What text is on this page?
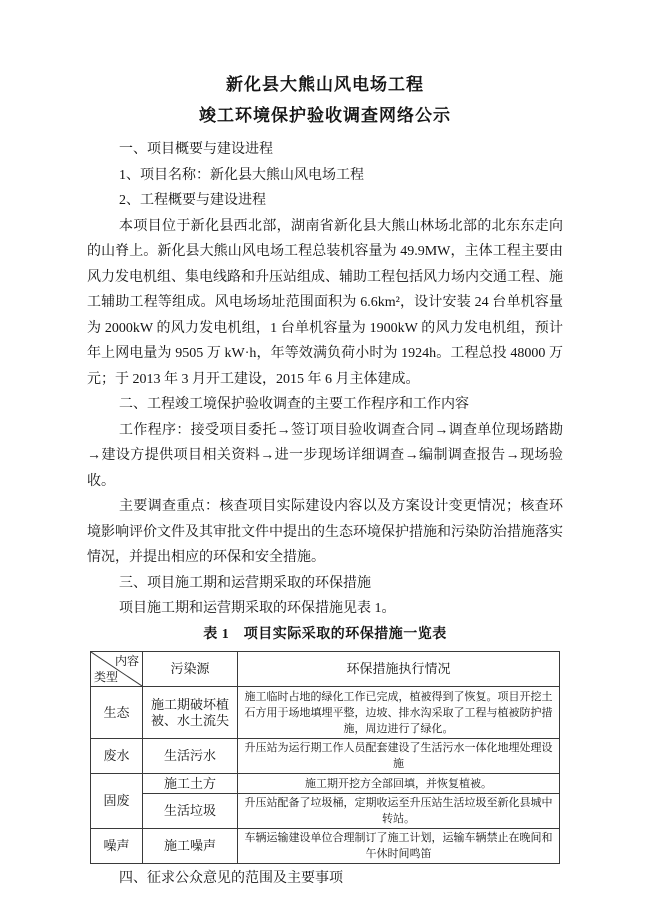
新化县大熊山风电场工程
竣工环境保护验收调查网络公示

一、项目概要与建设进程

1、项目名称：新化县大熊山风电场工程

2、工程概要与建设进程

本项目位于新化县西北部，湖南省新化县大熊山林场北部的北东东走向的山脊上。新化县大熊山风电场工程总装机容量为 49.9MW，主体工程主要由风力发电机组、集电线路和升压站组成、辅助工程包括风力场内交通工程、施工辅助工程等组成。风电场场址范围面积为 6.6km²，设计安装 24 台单机容量为 2000kW 的风力发电机组，1 台单机容量为 1900kW 的风力发电机组，预计年上网电量为 9505 万 kW·h，年等效满负荷小时为 1924h。工程总投 48000 万元；于 2013 年 3 月开工建设，2015 年 6 月主体建成。

二、工程竣工境保护验收调查的主要工作程序和工作内容

工作程序：接受项目委托→签订项目验收调查合同→调查单位现场踏勘→建设方提供项目相关资料→进一步现场详细调查→编制调查报告→现场验收。

主要调查重点：核查项目实际建设内容以及方案设计变更情况；核查环境影响评价文件及其审批文件中提出的生态环境保护措施和污染防治措施落实情况，并提出相应的环保和安全措施。

三、项目施工期和运营期采取的环保措施

项目施工期和运营期采取的环保措施见表 1。

表 1　项目实际采取的环保措施一览表

内容
类型	污染源	环保措施执行情况
生态	施工期破坏植被、水土流失	施工临时占地的绿化工作已完成，植被得到了恢复。项目开挖土石方用于场地填埋平整，边坡、排水沟采取了工程与植被防护措施，周边进行了绿化。
废水	生活污水	升压站为运行期工作人员配套建设了生活污水一体化地埋处理设施
固废	施工土方	施工期开挖方全部回填，并恢复植被。
	生活垃圾	升压站配备了垃圾桶，定期收运至升压站生活垃圾至新化县城中转站。
噪声	施工噪声	车辆运输建设单位合理制订了施工计划，运输车辆禁止在晚间和午休时间鸣笛

四、征求公众意见的范围及主要事项
